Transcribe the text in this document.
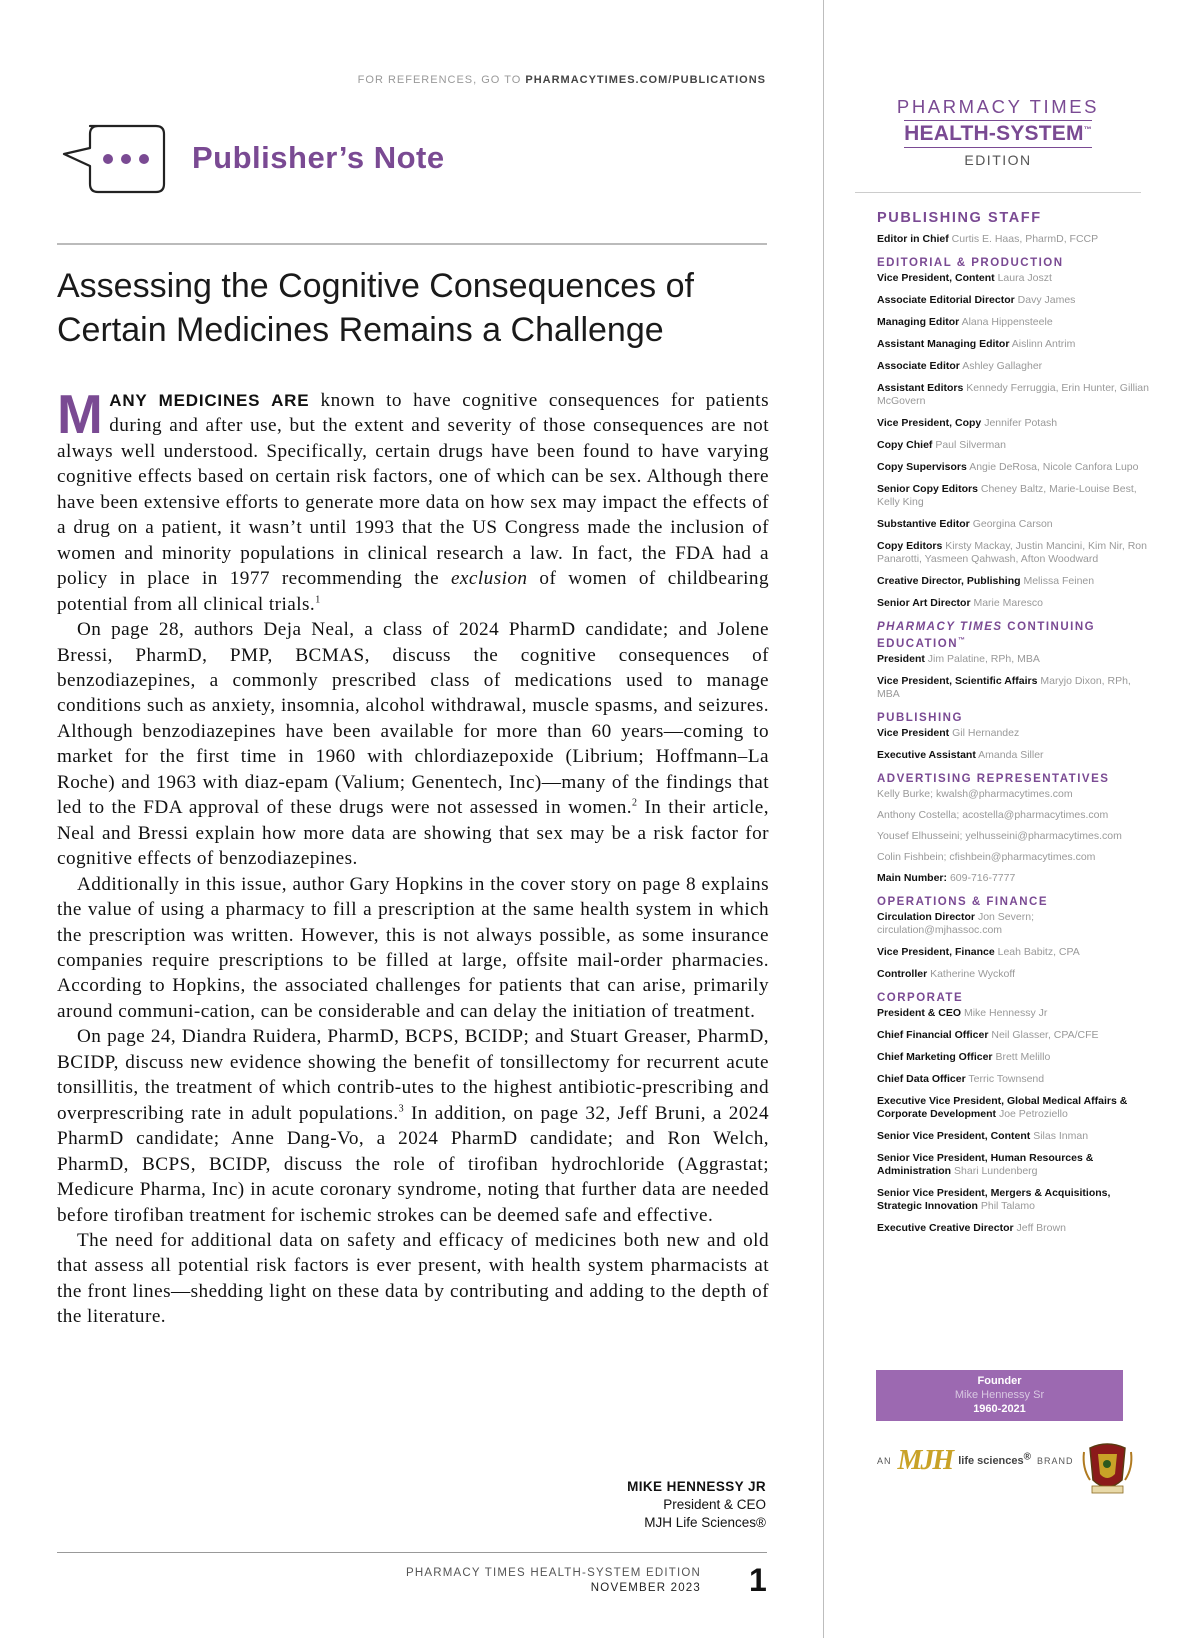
FOR REFERENCES, GO TO PHARMACYTIMES.COM/PUBLICATIONS
Publisher’s Note
Assessing the Cognitive Consequences of
Certain Medicines Remains a Challenge

MANY MEDICINES ARE known to have cognitive consequences for patients during and after use, but the extent and severity of those consequences are not always well understood. Specifically, certain drugs have been found to have varying cognitive effects based on certain risk factors, one of which can be sex. Although there have been extensive efforts to generate more data on how sex may impact the effects of a drug on a patient, it wasn’t until 1993 that the US Congress made the inclusion of women and minority populations in clinical research a law. In fact, the FDA had a policy in place in 1977 recommending the exclusion of women of childbearing potential from all clinical trials.$^1$

On page 28, authors Deja Neal, a class of 2024 PharmD candidate; and Jolene Bressi, PharmD, PMP, BCMAS, discuss the cognitive consequences of benzodiazepines, a commonly prescribed class of medications used to manage conditions such as anxiety, insomnia, alcohol withdrawal, muscle spasms, and seizures. Although benzodiazepines have been available for more than 60 years—coming to market for the first time in 1960 with chlordiazepoxide (Librium; Hoffmann–La Roche) and 1963 with diaz-epam (Valium; Genentech, Inc)—many of the findings that led to the FDA approval of these drugs were not assessed in women.$^2$ In their article, Neal and Bressi explain how more data are showing that sex may be a risk factor for cognitive effects of benzodiazepines.

Additionally in this issue, author Gary Hopkins in the cover story on page 8 explains the value of using a pharmacy to fill a prescription at the same health system in which the prescription was written. However, this is not always possible, as some insurance companies require prescriptions to be filled at large, offsite mail-order pharmacies. According to Hopkins, the associated challenges for patients that can arise, primarily around communi-cation, can be considerable and can delay the initiation of treatment.

On page 24, Diandra Ruidera, PharmD, BCPS, BCIDP; and Stuart Greaser, PharmD, BCIDP, discuss new evidence showing the benefit of tonsillectomy for recurrent acute tonsillitis, the treatment of which contrib-utes to the highest antibiotic-prescribing and overprescribing rate in adult populations.$^3$ In addition, on page 32, Jeff Bruni, a 2024 PharmD candidate; Anne Dang-Vo, a 2024 PharmD candidate; and Ron Welch, PharmD, BCPS, BCIDP, discuss the role of tirofiban hydrochloride (Aggrastat; Medicure Pharma, Inc) in acute coronary syndrome, noting that further data are needed before tirofiban treatment for ischemic strokes can be deemed safe and effective.

The need for additional data on safety and efficacy of medicines both new and old that assess all potential risk factors is ever present, with health system pharmacists at the front lines—shedding light on these data by contributing and adding to the depth of the literature.

MIKE HENNESSY JR
President & CEO
MJH Life Sciences®
PHARMACY TIMES HEALTH-SYSTEM EDITION
NOVEMBER 2023 1
PHARMACY TIMES
HEALTH-SYSTEM™
EDITION
PUBLISHING STAFF
Editor in Chief Curtis E. Haas, PharmD, FCCP
EDITORIAL & PRODUCTION
Vice President, Content Laura Joszt
Associate Editorial Director Davy James
Managing Editor Alana Hippensteele
Assistant Managing Editor Aislinn Antrim
Associate Editor Ashley Gallagher
Assistant Editors Kennedy Ferruggia, Erin Hunter, Gillian McGovern
Vice President, Copy Jennifer Potash
Copy Chief Paul Silverman
Copy Supervisors Angie DeRosa, Nicole Canfora Lupo
Senior Copy Editors Cheney Baltz, Marie-Louise Best, Kelly King
Substantive Editor Georgina Carson
Copy Editors Kirsty Mackay, Justin Mancini, Kim Nir, Ron Panarotti, Yasmeen Qahwash, Afton Woodward
Creative Director, Publishing Melissa Feinen
Senior Art Director Marie Maresco
PHARMACY TIMES CONTINUING EDUCATION™
President Jim Palatine, RPh, MBA
Vice President, Scientific Affairs Maryjo Dixon, RPh, MBA
PUBLISHING
Vice President Gil Hernandez
Executive Assistant Amanda Siller
ADVERTISING REPRESENTATIVES
Kelly Burke; kwalsh@pharmacytimes.com
Anthony Costella; acostella@pharmacytimes.com
Yousef Elhusseini; yelhusseini@pharmacytimes.com
Colin Fishbein; cfishbein@pharmacytimes.com
Main Number: 609-716-7777
OPERATIONS & FINANCE
Circulation Director Jon Severn; circulation@mjhassoc.com
Vice President, Finance Leah Babitz, CPA
Controller Katherine Wyckoff
CORPORATE
President & CEO Mike Hennessy Jr
Chief Financial Officer Neil Glasser, CPA/CFE
Chief Marketing Officer Brett Melillo
Chief Data Officer Terric Townsend
Executive Vice President, Global Medical Affairs & Corporate Development Joe Petroziello
Senior Vice President, Content Silas Inman
Senior Vice President, Human Resources & Administration Shari Lundenberg
Senior Vice President, Mergers & Acquisitions, Strategic Innovation Phil Talamo
Executive Creative Director Jeff Brown
Founder
Mike Hennessy Sr
1960-2021
AN MJH life sciences® BRAND
